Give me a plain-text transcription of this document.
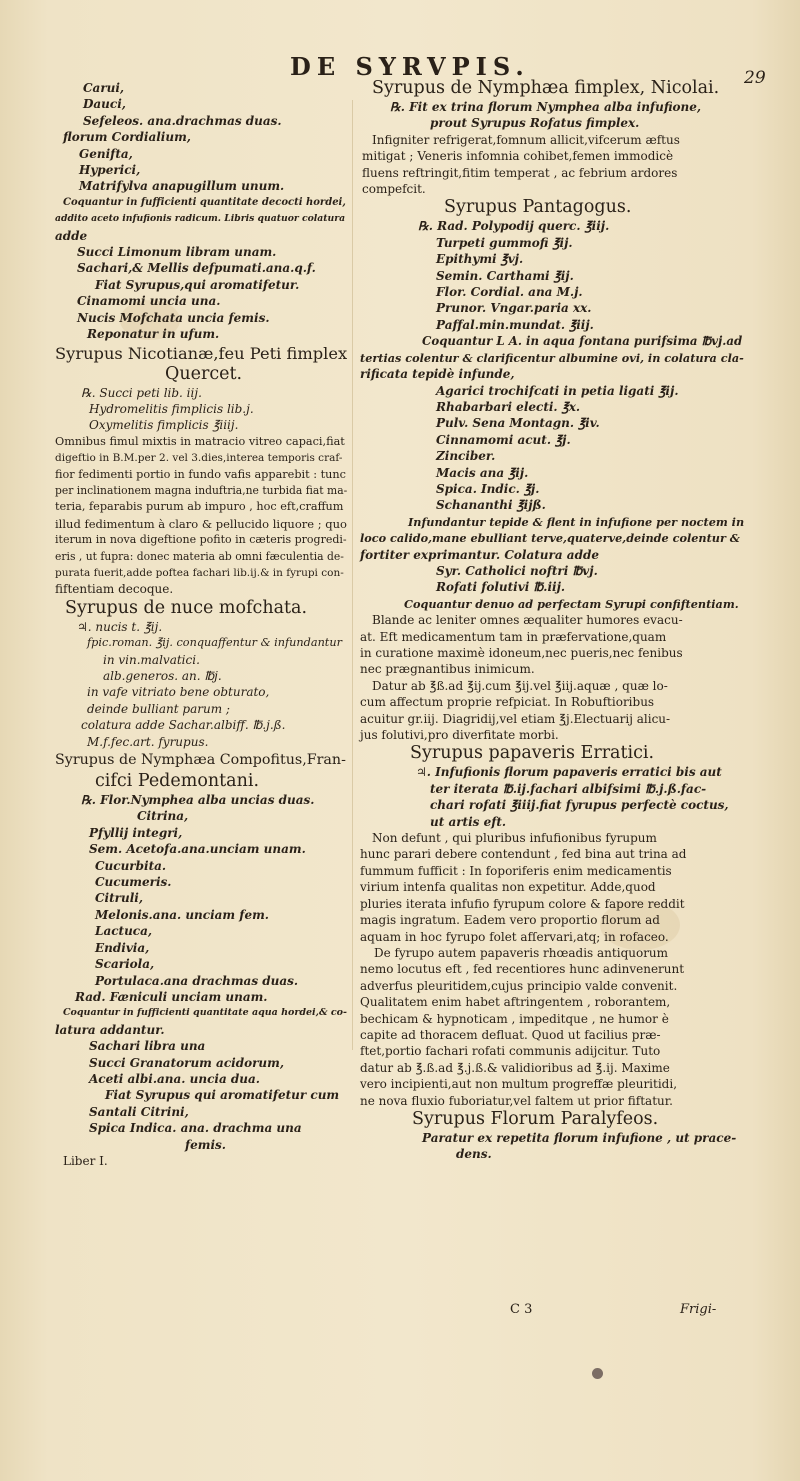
DE SYRVPIS.	29
Carui,
Dauci,
Sefeleos. ana.drachmas duas.
florum Cordialium,
Genifta,
Hyperici,
Matrifylva anapugillum unum.
Coquantur in fufficienti quantitate decocti hordei,
addito aceto infufionis radicum. Libris quatuor colatura
adde
Succi Limonum libram unam.
Sachari,& Mellis defpumati.ana.q.f.
Fiat Syrupus,qui aromatifetur.
Cinamomi uncia una.
Nucis Mofchata uncia femis.
Reponatur in ufum.
Syrupus Nicotianæ,feu Peti fimplex
Quercet.
℞. Succi peti lib. iij.
Hydromelitis fimplicis lib.j.
Oxymelitis fimplicis ℥iiij.
Omnibus fimul mixtis in matracio vitreo capaci,fiat
digeftio in B.M.per 2. vel 3.dies,interea temporis craf-
fior fedimenti portio in fundo vafis apparebit : tunc
per inclinationem magna induftria,ne turbida fiat ma-
teria, feparabis purum ab impuro , hoc eft,craffum
illud fedimentum à claro & pellucido liquore ; quo
iterum in nova digeftione pofito in cæteris progredi-
eris , ut fupra: donec materia ab omni fæculentia de-
purata fuerit,adde poftea fachari lib.ij.& in fyrupi con-
fiftentiam decoque.
Syrupus de nuce mofchata.
♃. nucis t. ℥ij.
fpic.roman. ℥ij. conquaffentur & infundantur
in vin.malvatici.
alb.generos. an. ℔j.
in vafe vitriato bene obturato,
deinde bulliant parum ;
colatura adde Sachar.albiff. ℔.j.ß.
M.f.fec.art. fyrupus.
Syrupus de Nymphæa Compofitus,Fran-
cifci Pedemontani.
℞. Flor.Nymphea alba uncias duas.
Citrina,
Pfyllij integri,
Sem. Acetofa.ana.unciam unam.
Cucurbita.
Cucumeris.
Citruli,
Melonis.ana. unciam fem.
Lactuca,
Endivia,
Scariola,
Portulaca.ana drachmas duas.
Rad. Fæniculi unciam unam.
Coquantur in fufficienti quantitate aqua hordei,& co-
latura addantur.
Sachari libra una
Succi Granatorum acidorum,
Aceti albi.ana. uncia dua.
Fiat Syrupus qui aromatifetur cum
Santali Citrini,
Spica Indica. ana. drachma una
femis.
Liber I.
Syrupus de Nymphæa fimplex, Nicolai.
℞. Fit ex trina florum Nymphea alba infufione,
prout Syrupus Rofatus fimplex.
Infigniter refrigerat,fomnum allicit,vifcerum æftus
mitigat ; Veneris infomnia cohibet,femen immodicè
fluens reftringit,fitim temperat , ac febrium ardores
compefcit.
Syrupus Pantagogus.
℞. Rad. Polypodij querc. ℥iij.
Turpeti gummofi ℥ij.
Epithymi ℥vj.
Semin. Carthami ℥ij.
Flor. Cordial. ana M.j.
Prunor. Vngar.paria xx.
Paffal.min.mundat. ℥iij.
Coquantur L A. in aqua fontana purifsima ℔vj.ad
tertias colentur & clarificentur albumine ovi, in colatura cla-
rificata tepidè infunde,
Agarici trochifcati in petia ligati ℥ij.
Rhabarbari electi. ℥x.
Pulv. Sena Montagn. ℥iv.
Cinnamomi acut. ℥j.
Zinciber.
Macis ana ℥ij.
Spica. Indic. ℥j.
Schananthi ℥ijß.
Infundantur tepide & flent in infufione per noctem in
loco calido,mane ebulliant terve,quaterve,deinde colentur &
fortiter exprimantur. Colatura adde
Syr. Catholici noftri ℔vj.
Rofati folutivi ℔.iij.
Coquantur denuo ad perfectam Syrupi confiftentiam.
Blande ac leniter omnes æqualiter humores evacu-
at. Eft medicamentum tam in præfervatione,quam
in curatione maximè idoneum,nec pueris,nec fenibus
nec prægnantibus inimicum.
Datur ab ℥ß.ad ℥ij.cum ℥ij.vel ℥iij.aquæ , quæ lo-
cum affectum proprie refpiciat. In Robuftioribus
acuitur gr.iij. Diagridij,vel etiam ℥j.Electuarij alicu-
jus folutivi,pro diverfitate morbi.
Syrupus papaveris Erratici.
♃. Infufionis florum papaveris erratici bis aut
ter iterata ℔.ij.fachari albifsimi ℔.j.ß.fac-
chari rofati ℥iiij.fiat fyrupus perfectè coctus,
ut artis eft.
Non defunt , qui pluribus infufionibus fyrupum
hunc parari debere contendunt , fed bina aut trina ad
fummum fufficit : In foporiferis enim medicamentis
virium intenfa qualitas non expetitur. Adde,quod
pluries iterata infufio fyrupum colore & fapore reddit
magis ingratum. Eadem vero proportio florum ad
aquam in hoc fyrupo folet afſervari,atq; in rofaceo.
De fyrupo autem papaveris rhœadis antiquorum
nemo locutus eft , fed recentiores hunc adinvenerunt
adverfus pleuritidem,cujus principio valde convenit.
Qualitatem enim habet aftringentem , roborantem,
bechicam & hypnoticam , impeditque , ne humor è
capite ad thoracem defluat. Quod ut facilius præ-
ftet,portio fachari rofati communis adijcitur. Tuto
datur ab ℥.ß.ad ℥.j.ß.& validioribus ad ℥.ij. Maxime
vero incipienti,aut non multum progreffæ pleuritidi,
ne nova fluxio fuboriatur,vel faltem ut prior fiftatur.
Syrupus Florum Paralyfeos.
Paratur ex repetita florum infufione , ut prace-
dens.
C 3	Frigi-
